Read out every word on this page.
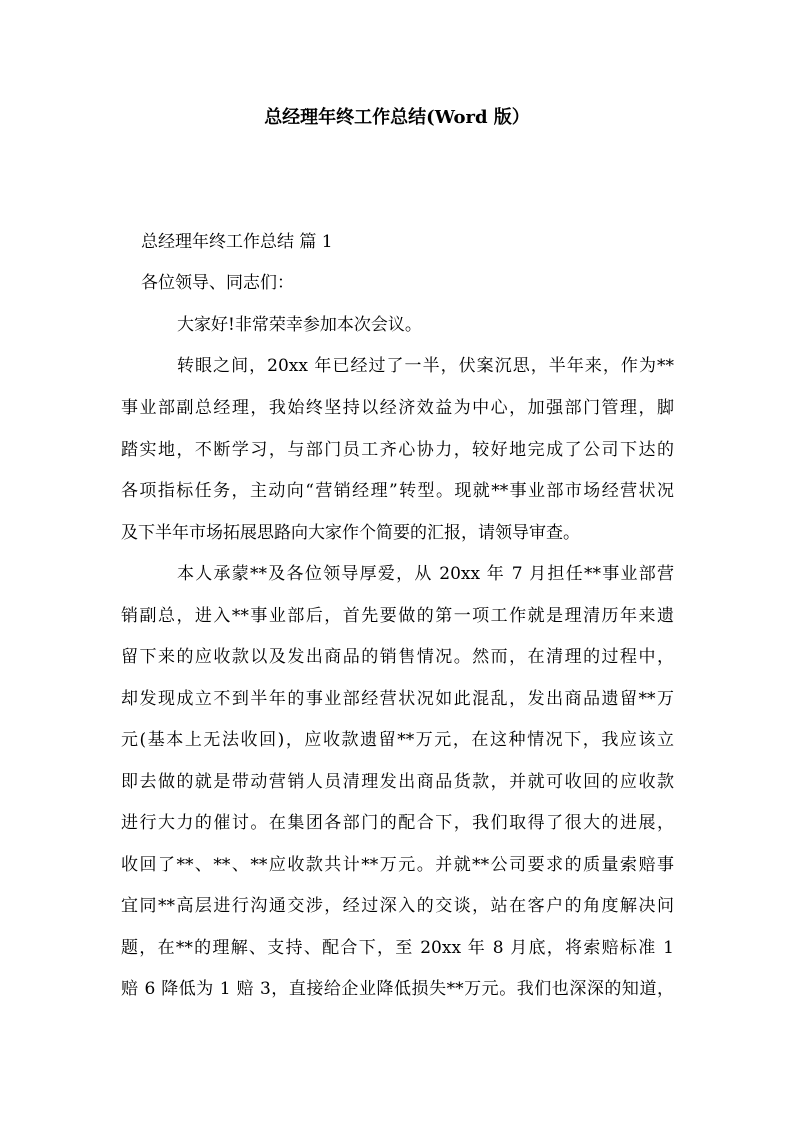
总经理年终工作总结(Word 版）

总经理年终工作总结 篇 1

各位领导、同志们：

大家好!非常荣幸参加本次会议。

转眼之间，20xx 年已经过了一半，伏案沉思，半年来，作为**

事业部副总经理，我始终坚持以经济效益为中心，加强部门管理，脚

踏实地，不断学习，与部门员工齐心协力，较好地完成了公司下达的

各项指标任务，主动向“营销经理”转型。现就**事业部市场经营状况

及下半年市场拓展思路向大家作个简要的汇报，请领导审查。

本人承蒙**及各位领导厚爱，从 20xx 年 7 月担任**事业部营

销副总，进入**事业部后，首先要做的第一项工作就是理清历年来遗

留下来的应收款以及发出商品的销售情况。然而，在清理的过程中，

却发现成立不到半年的事业部经营状况如此混乱，发出商品遗留**万

元(基本上无法收回)，应收款遗留**万元，在这种情况下，我应该立

即去做的就是带动营销人员清理发出商品货款，并就可收回的应收款

进行大力的催讨。在集团各部门的配合下，我们取得了很大的进展，

收回了**、**、**应收款共计**万元。并就**公司要求的质量索赔事

宜同**高层进行沟通交涉，经过深入的交谈，站在客户的角度解决问

题，在**的理解、支持、配合下，至 20xx 年 8 月底，将索赔标准 1

赔 6 降低为 1 赔 3，直接给企业降低损失**万元。我们也深深的知道，
